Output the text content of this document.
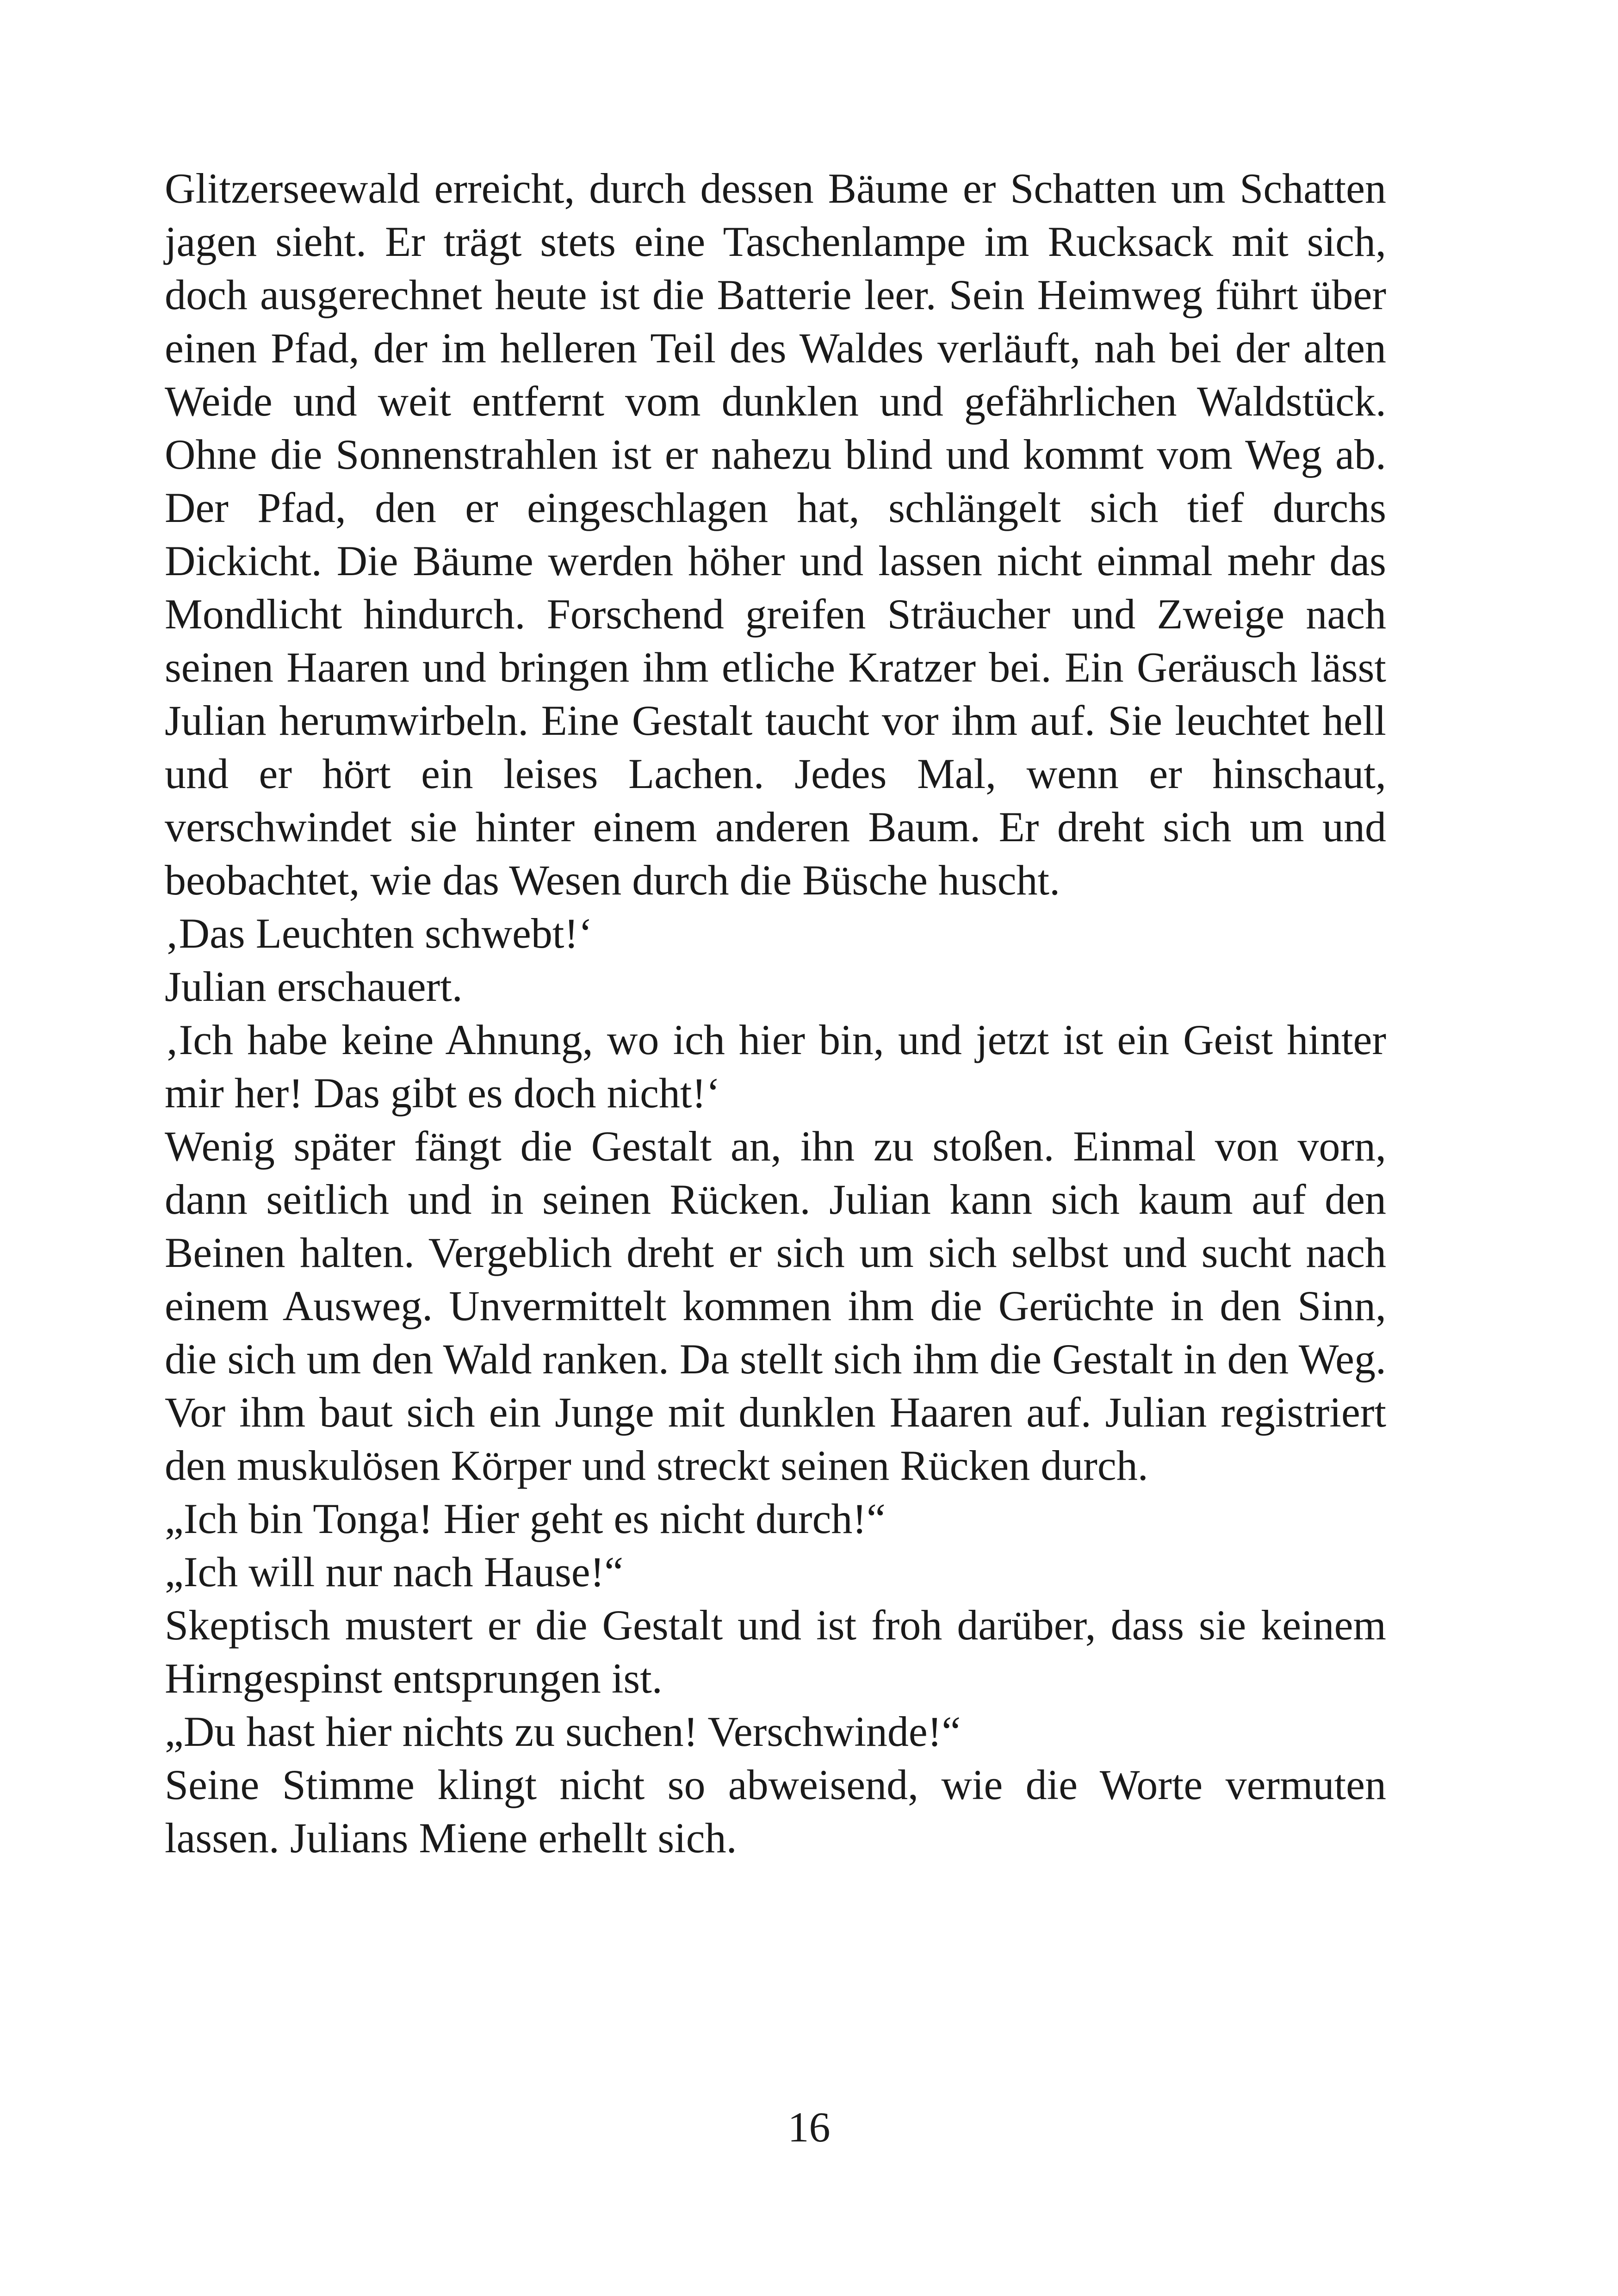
Glitzerseewald erreicht, durch dessen Bäume er Schatten um Schatten jagen sieht. Er trägt stets eine Taschenlampe im Rucksack mit sich, doch ausgerechnet heute ist die Batterie leer. Sein Heimweg führt über einen Pfad, der im helleren Teil des Waldes verläuft, nah bei der alten Weide und weit entfernt vom dunklen und gefährlichen Waldstück. Ohne die Sonnenstrahlen ist er nahezu blind und kommt vom Weg ab. Der Pfad, den er eingeschlagen hat, schlängelt sich tief durchs Dickicht. Die Bäume werden höher und lassen nicht einmal mehr das Mondlicht hindurch. Forschend greifen Sträucher und Zweige nach seinen Haaren und bringen ihm etliche Kratzer bei. Ein Geräusch lässt Julian herumwirbeln. Eine Gestalt taucht vor ihm auf. Sie leuchtet hell und er hört ein leises Lachen. Jedes Mal, wenn er hinschaut, verschwindet sie hinter einem anderen Baum. Er dreht sich um und beobachtet, wie das Wesen durch die Büsche huscht.

‚Das Leuchten schwebt!‘

Julian erschauert.

‚Ich habe keine Ahnung, wo ich hier bin, und jetzt ist ein Geist hinter mir her! Das gibt es doch nicht!‘

Wenig später fängt die Gestalt an, ihn zu stoßen. Einmal von vorn, dann seitlich und in seinen Rücken. Julian kann sich kaum auf den Beinen halten. Vergeblich dreht er sich um sich selbst und sucht nach einem Ausweg. Unvermittelt kommen ihm die Gerüchte in den Sinn, die sich um den Wald ranken. Da stellt sich ihm die Gestalt in den Weg. Vor ihm baut sich ein Junge mit dunklen Haaren auf. Julian registriert den muskulösen Körper und streckt seinen Rücken durch.

„Ich bin Tonga! Hier geht es nicht durch!“

„Ich will nur nach Hause!“

Skeptisch mustert er die Gestalt und ist froh darüber, dass sie keinem Hirngespinst entsprungen ist.

„Du hast hier nichts zu suchen! Verschwinde!“

Seine Stimme klingt nicht so abweisend, wie die Worte vermuten lassen. Julians Miene erhellt sich.

16
